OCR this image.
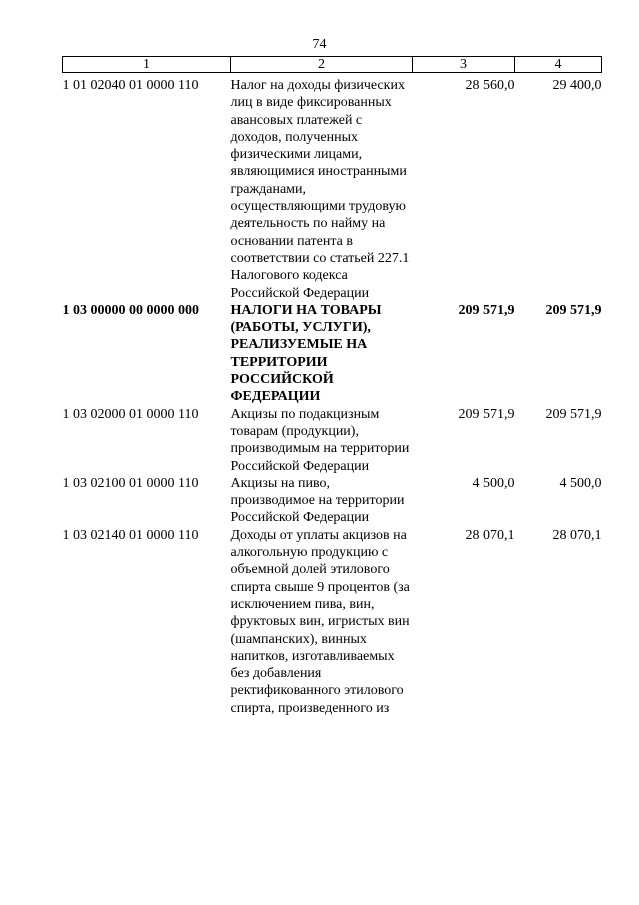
74
1	2	3	4
1 01 02040 01 0000 110	Налог на доходы физических лиц в виде фиксированных авансовых платежей с доходов, полученных физическими лицами, являющимися иностранными гражданами, осуществляющими трудовую деятельность по найму на основании патента в соответствии со статьей 227.1 Налогового кодекса Российской Федерации	28 560,0	29 400,0
1 03 00000 00 0000 000	НАЛОГИ НА ТОВАРЫ (РАБОТЫ, УСЛУГИ), РЕАЛИЗУЕМЫЕ НА ТЕРРИТОРИИ РОССИЙСКОЙ ФЕДЕРАЦИИ	209 571,9	209 571,9
1 03 02000 01 0000 110	Акцизы по подакцизным товарам (продукции), производимым на территории Российской Федерации	209 571,9	209 571,9
1 03 02100 01 0000 110	Акцизы на пиво, производимое на территории Российской Федерации	4 500,0	4 500,0
1 03 02140 01 0000 110	Доходы от уплаты акцизов на алкогольную продукцию с объемной долей этилового спирта свыше 9 процентов (за исключением пива, вин, фруктовых вин, игристых вин (шампанских), винных напитков, изготавливаемых без добавления ректификованного этилового спирта, произведенного из	28 070,1	28 070,1
